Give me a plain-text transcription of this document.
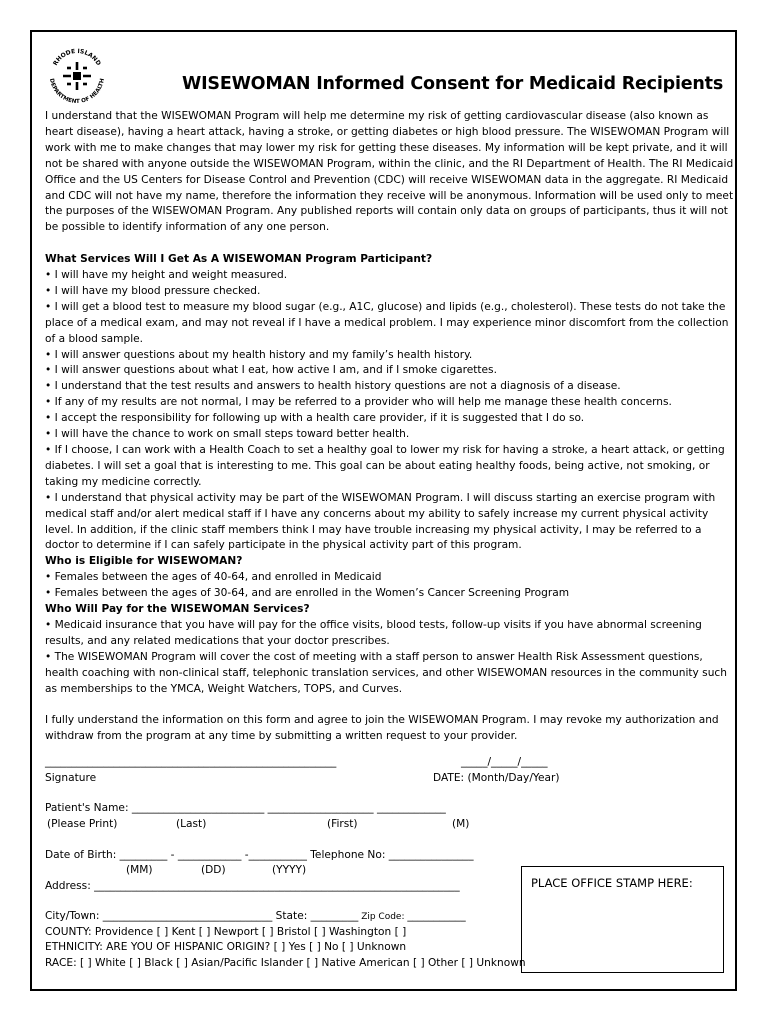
RHODE ISLAND
DEPARTMENT OF HEALTH	WISEWOMAN Informed Consent for Medicaid Recipients

I understand that the WISEWOMAN Program will help me determine my risk of getting cardiovascular disease (also known as heart disease), having a heart attack, having a stroke, or getting diabetes or high blood pressure. The WISEWOMAN Program will work with me to make changes that may lower my risk for getting these diseases. My information will be kept private, and it will not be shared with anyone outside the WISEWOMAN Program, within the clinic, and the RI Department of Health. The RI Medicaid Office and the US Centers for Disease Control and Prevention (CDC) will receive WISEWOMAN data in the aggregate. RI Medicaid and CDC will not have my name, therefore the information they receive will be anonymous. Information will be used only to meet the purposes of the WISEWOMAN Program. Any published reports will contain only data on groups of participants, thus it will not be possible to identify information of any one person.

What Services Will I Get As A WISEWOMAN Program Participant?

• I will have my height and weight measured.

• I will have my blood pressure checked.

• I will get a blood test to measure my blood sugar (e.g., A1C, glucose) and lipids (e.g., cholesterol). These tests do not take the place of a medical exam, and may not reveal if I have a medical problem. I may experience minor discomfort from the collection of a blood sample.

• I will answer questions about my health history and my family’s health history.

• I will answer questions about what I eat, how active I am, and if I smoke cigarettes.

• I understand that the test results and answers to health history questions are not a diagnosis of a disease.

• If any of my results are not normal, I may be referred to a provider who will help me manage these health concerns.

• I accept the responsibility for following up with a health care provider, if it is suggested that I do so.

• I will have the chance to work on small steps toward better health.

• If I choose, I can work with a Health Coach to set a healthy goal to lower my risk for having a stroke, a heart attack, or getting diabetes. I will set a goal that is interesting to me. This goal can be about eating healthy foods, being active, not smoking, or taking my medicine correctly.

• I understand that physical activity may be part of the WISEWOMAN Program. I will discuss starting an exercise program with medical staff and/or alert medical staff if I have any concerns about my ability to safely increase my current physical activity level. In addition, if the clinic staff members think I may have trouble increasing my physical activity, I may be referred to a doctor to determine if I can safely participate in the physical activity part of this program.

Who is Eligible for WISEWOMAN?

• Females between the ages of 40-64, and enrolled in Medicaid

• Females between the ages of 30-64, and are enrolled in the Women’s Cancer Screening Program

Who Will Pay for the WISEWOMAN Services?

• Medicaid insurance that you have will pay for the office visits, blood tests, follow-up visits if you have abnormal screening results, and any related medications that your doctor prescribes.

• The WISEWOMAN Program will cover the cost of meeting with a staff person to answer Health Risk Assessment questions, health coaching with non-clinical staff, telephonic translation services, and other WISEWOMAN resources in the community such as memberships to the YMCA, Weight Watchers, TOPS, and Curves.

I fully understand the information on this form and agree to join the WISEWOMAN Program. I may revoke my authorization and withdraw from the program at any time by submitting a written request to your provider.

_______________________________________________________	_____/_____/_____
Signature	DATE: (Month/Day/Year)
Patient's Name: _________________________ ____________________ _____________
(Please Print)	(Last)	(First)	(M)
Date of Birth: _________ - ____________ -___________ Telephone No: ________________
(MM)	(DD)	(YYYY)
Address: _____________________________________________________________________
City/Town: ________________________________ State: _________ Zip Code: ___________
COUNTY: Providence [ ] Kent [ ] Newport [ ] Bristol [ ] Washington [ ]
ETHNICITY: ARE YOU OF HISPANIC ORIGIN? [ ] Yes [ ] No [ ] Unknown
RACE: [ ] White [ ] Black [ ] Asian/Pacific Islander [ ] Native American [ ] Other [ ] Unknown
PLACE OFFICE STAMP HERE:
